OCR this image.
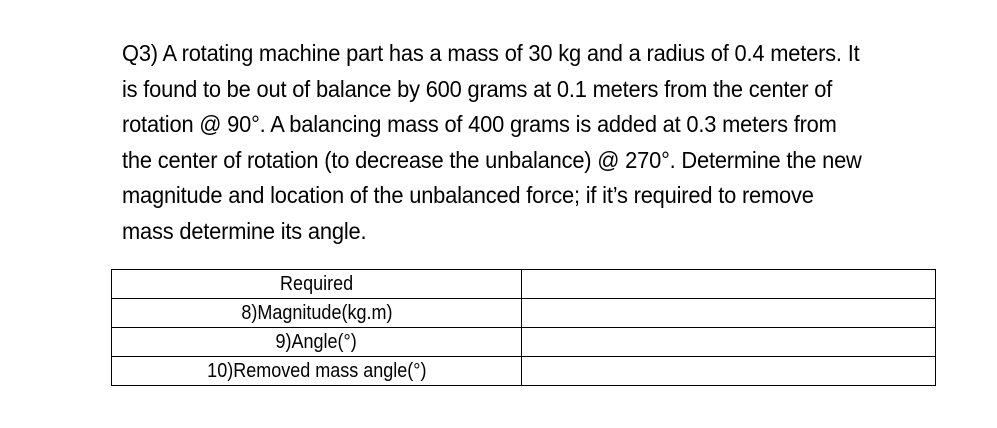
Q3) A rotating machine part has a mass of 30 kg and a radius of 0.4 meters. It is found to be out of balance by 600 grams at 0.1 meters from the center of rotation @ 90°. A balancing mass of 400 grams is added at 0.3 meters from the center of rotation (to decrease the unbalance) @ 270°. Determine the new magnitude and location of the unbalanced force; if it’s required to remove mass determine its angle.

Required	
8)Magnitude(kg.m)	
9)Angle(°)	
10)Removed mass angle(°)	
